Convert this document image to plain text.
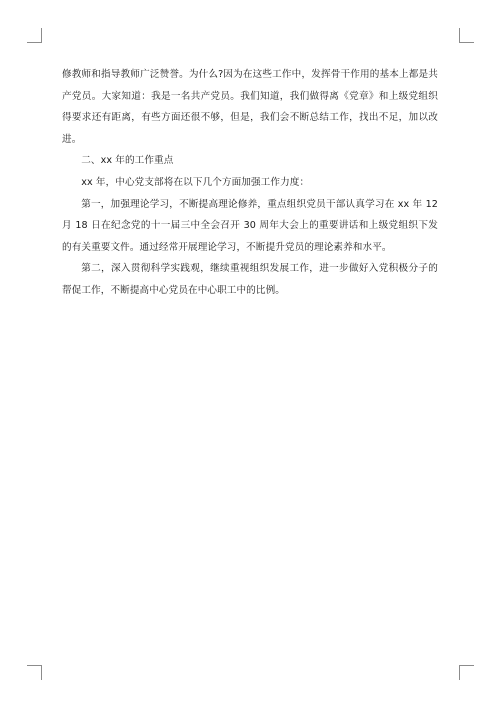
修教师和指导教师广泛赞誉。为什么?因为在这些工作中，发挥骨干作用的基本上都是共产党员。大家知道：我是一名共产党员。我们知道，我们做得离《党章》和上级党组织得要求还有距离，有些方面还很不够，但是，我们会不断总结工作，找出不足，加以改进。

二、xx 年的工作重点

xx 年，中心党支部将在以下几个方面加强工作力度：

第一，加强理论学习，不断提高理论修养，重点组织党员干部认真学习在 xx 年 12 月 18 日在纪念党的十一届三中全会召开 30 周年大会上的重要讲话和上级党组织下发的有关重要文件。通过经常开展理论学习，不断提升党员的理论素养和水平。

第二，深入贯彻科学实践观，继续重视组织发展工作，进一步做好入党积极分子的帮促工作，不断提高中心党员在中心职工中的比例。
